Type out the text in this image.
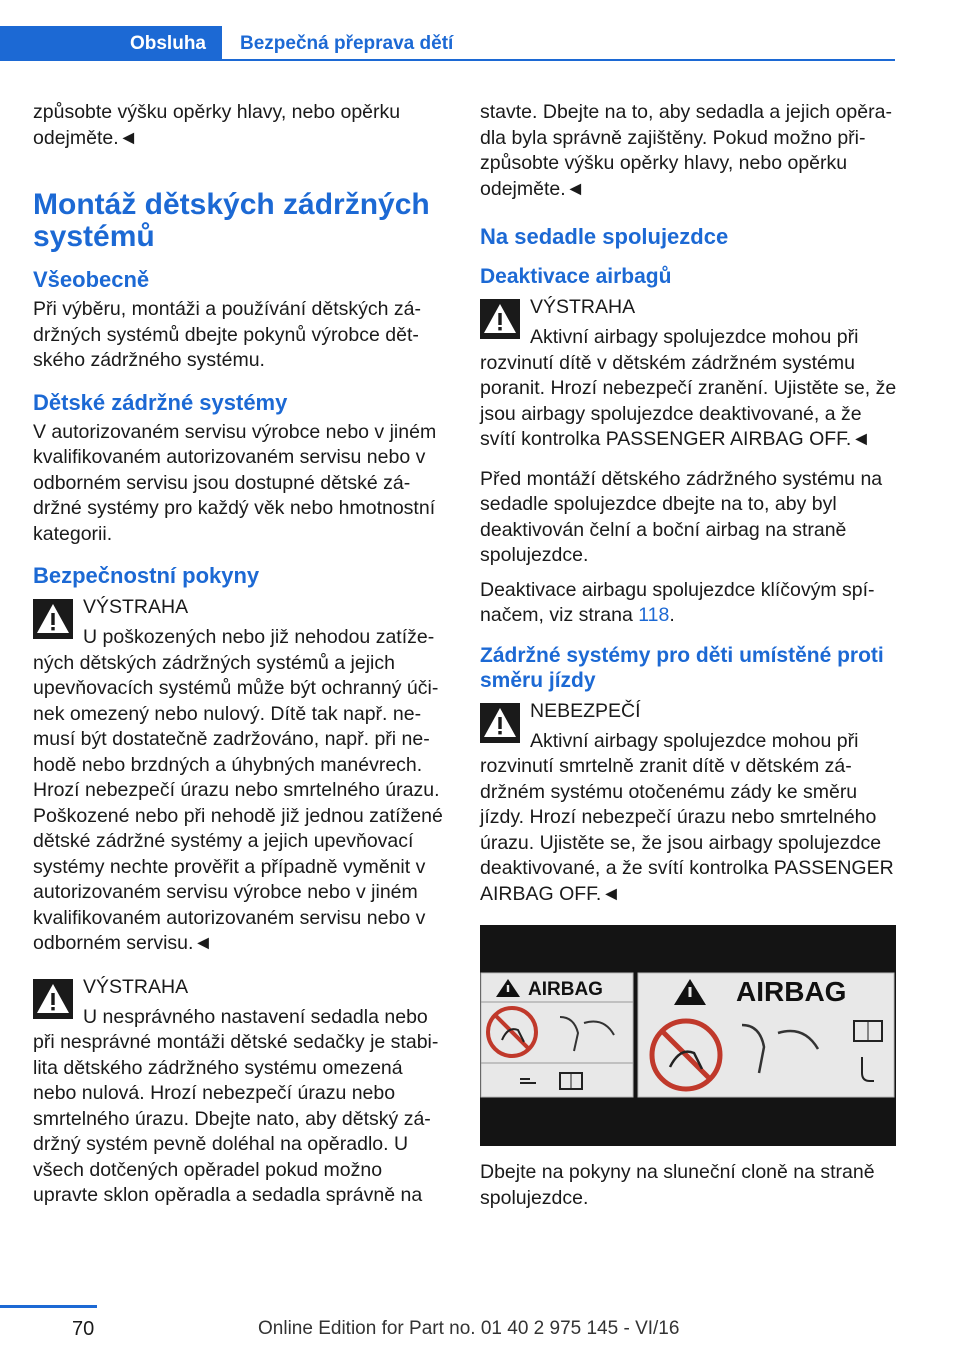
Obsluha	Bezpečná přeprava dětí

způsobte výšku opěrky hlavy, nebo opěrku odejměte.◄

Montáž dětských zádržných systémů
Všeobecně

Při výběru, montáži a používání dětských zádržných systémů dbejte pokynů výrobce dětského zádržného systému.

Dětské zádržné systémy

V autorizovaném servisu výrobce nebo v jiném kvalifikovaném autorizovaném servisu nebo v odborném servisu jsou dostupné dětské zádržné systémy pro každý věk nebo hmotnostní kategorii.

Bezpečnostní pokyny
VÝSTRAHA
U poškozených nebo již nehodou zatížených dětských zádržných systémů a jejich upevňovacích systémů může být ochranný účinek omezený nebo nulový. Dítě tak např. nemusí být dostatečně zadržováno, např. při nehodě nebo brzdných a úhybných manévrech. Hrozí nebezpečí úrazu nebo smrtelného úrazu. Poškozené nebo při nehodě již jednou zatížené dětské zádržné systémy a jejich upevňovací systémy nechte prověřit a případně vyměnit v autorizovaném servisu výrobce nebo v jiném kvalifikovaném autorizovaném servisu nebo v odborném servisu.◄
VÝSTRAHA
U nesprávného nastavení sedadla nebo při nesprávné montáži dětské sedačky je stabilita dětského zádržného systému omezená nebo nulová. Hrozí nebezpečí úrazu nebo smrtelného úrazu. Dbejte nato, aby dětský zádržný systém pevně doléhal na opěradlo. U všech dotčených opěradel pokud možno upravte sklon opěradla a sedadla správně na

stavte. Dbejte na to, aby sedadla a jejich opěradla byla správně zajištěny. Pokud možno přizpůsobte výšku opěrky hlavy, nebo opěrku odejměte.◄

Na sedadle spolujezdce
Deaktivace airbagů
VÝSTRAHA
Aktivní airbagy spolujezdce mohou při rozvinutí dítě v dětském zádržném systému poranit. Hrozí nebezpečí zranění. Ujistěte se, že jsou airbagy spolujezdce deaktivované, a že svítí kontrolka PASSENGER AIRBAG OFF.◄

Před montáží dětského zádržného systému na sedadle spolujezdce dbejte na to, aby byl deaktivován čelní a boční airbag na straně spolujezdce.

Deaktivace airbagu spolujezdce klíčovým spínačem, viz strana 118.

Zádržné systémy pro děti umístěné proti směru jízdy
NEBEZPEČÍ
Aktivní airbagy spolujezdce mohou při rozvinutí smrtelně zranit dítě v dětském zádržném systému otočenému zády ke směru jízdy. Hrozí nebezpečí úrazu nebo smrtelného úrazu. Ujistěte se, že jsou airbagy spolujezdce deaktivované, a že svítí kontrolka PASSENGER AIRBAG OFF.◄
AIRBAG	AIRBAG

Dbejte na pokyny na sluneční cloně na straně spolujezdce.

70	Online Edition for Part no. 01 40 2 975 145 - VI/16
